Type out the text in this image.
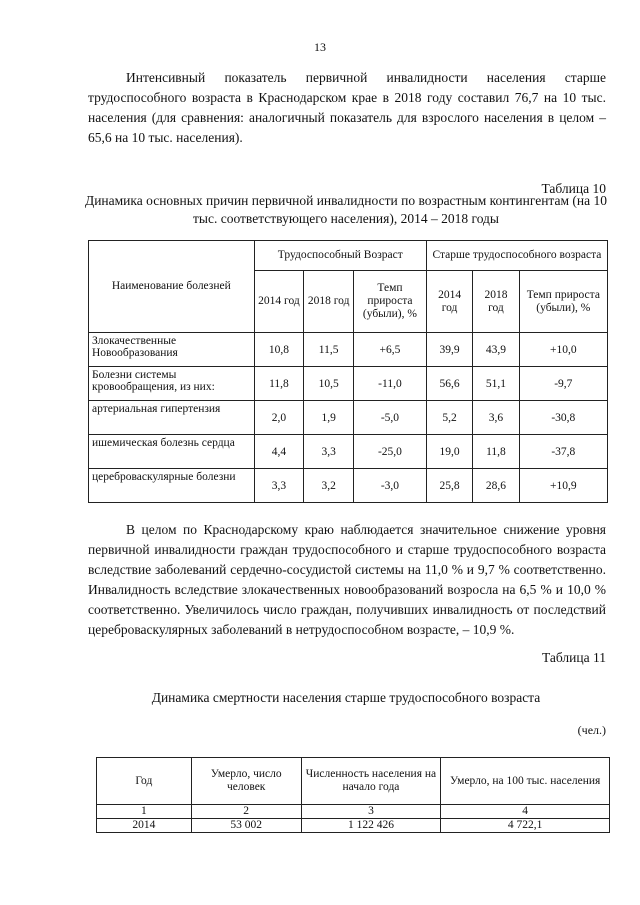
13

Интенсивный показатель первичной инвалидности населения старше трудоспособного возраста в Краснодарском крае в 2018 году составил 76,7 на 10 тыс. населения (для сравнения: аналогичный показатель для взрослого населения в целом – 65,6 на 10 тыс. населения).

Таблица 10
Динамика основных причин первичной инвалидности по возрастным контингентам (на 10 тыс. соответствующего населения), 2014 – 2018 годы
Наименование болезней	Трудоспособный Возраст			Старше трудоспособного возраста		
	2014 год	2018 год	Темп прироста (убыли), %	2014 год	2018 год	Темп прироста (убыли), %
Злокачественные Новообразования	10,8	11,5	+6,5	39,9	43,9	+10,0
Болезни системы кровообращения, из них:	11,8	10,5	-11,0	56,6	51,1	-9,7
артериальная гипертензия	2,0	1,9	-5,0	5,2	3,6	-30,8
ишемическая болезнь сердца	4,4	3,3	-25,0	19,0	11,8	-37,8
цереброваскулярные болезни	3,3	3,2	-3,0	25,8	28,6	+10,9

В целом по Краснодарскому краю наблюдается значительное снижение уровня первичной инвалидности граждан трудоспособного и старше трудоспособного возраста вследствие заболеваний сердечно-сосудистой системы на 11,0 % и 9,7 % соответственно. Инвалидность вследствие злокачественных новообразований возросла на 6,5 % и 10,0 % соответственно. Увеличилось число граждан, получивших инвалидность от последствий цереброваскулярных заболеваний в нетрудоспособном возрасте, – 10,9 %.

Таблица 11
Динамика смертности населения старше трудоспособного возраста
(чел.)
Год	Умерло, число человек	Численность населения на начало года	Умерло, на 100 тыс. населения
1	2	3	4
2014	53 002	1 122 426	4 722,1
